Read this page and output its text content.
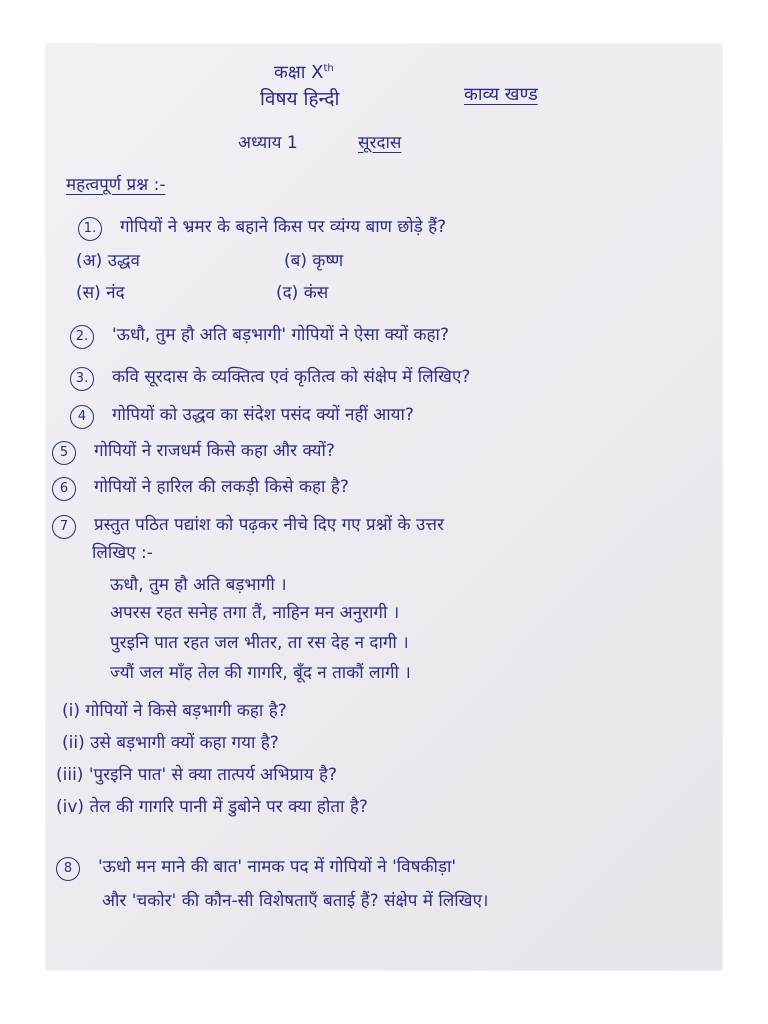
कक्षा Xth
विषय हिन्दी	काव्य खण्ड
अध्याय 1	सूरदास
महत्वपूर्ण प्रश्न :-
1. गोपियों ने भ्रमर के बहाने किस पर व्यंग्य बाण छोड़े हैं?
(अ) उद्धव	(ब) कृष्ण
(स) नंद	(द) कंस
2. 'ऊधौ, तुम हौ अति बड़भागी' गोपियों ने ऐसा क्यों कहा?
3. कवि सूरदास के व्यक्तित्व एवं कृतित्व को संक्षेप में लिखिए?
4 गोपियों को उद्धव का संदेश पसंद क्यों नहीं आया?
5 गोपियों ने राजधर्म किसे कहा और क्यों?
6 गोपियों ने हारिल की लकड़ी किसे कहा है?
7 प्रस्तुत पठित पद्यांश को पढ़कर नीचे दिए गए प्रश्नों के उत्तर
लिखिए :-
ऊधौ, तुम हौ अति बड़भागी ।
अपरस रहत सनेह तगा तैं, नाहिन मन अनुरागी ।
पुरइनि पात रहत जल भीतर, ता रस देह न दागी ।
ज्यौं जल माँह तेल की गागरि, बूँद न ताकौं लागी ।
(i) गोपियों ने किसे बड़भागी कहा है?
(ii) उसे बड़भागी क्यों कहा गया है?
(iii) 'पुरइनि पात' से क्या तात्पर्य अभिप्राय है?
(iv) तेल की गागरि पानी में डुबोने पर क्या होता है?
8 'ऊधो मन माने की बात' नामक पद में गोपियों ने 'विषकीड़ा'
और 'चकोर' की कौन-सी विशेषताएँ बताई हैं? संक्षेप में लिखिए।
